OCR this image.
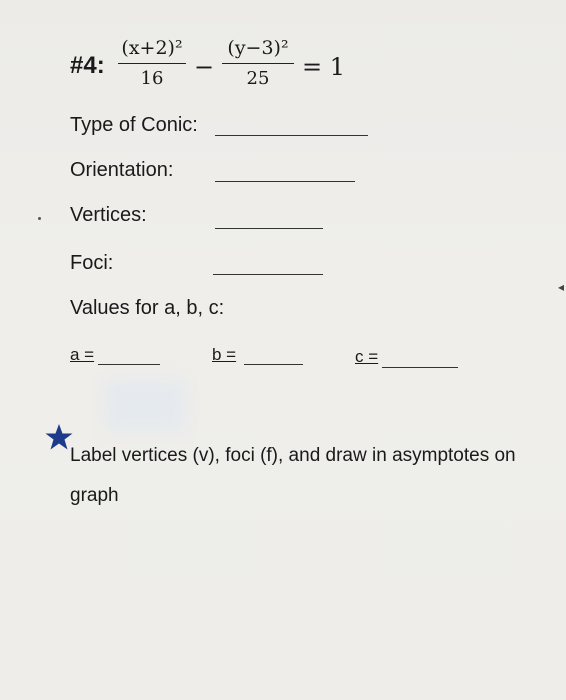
#4:
(x+2)²
16	−
(y−3)²
25	= 1
Type of Conic:
Orientation:
Vertices:
Foci:
Values for a, b, c:
a =	b =	c =
Label vertices (v), foci (f), and draw in asymptotes on graph
◂
